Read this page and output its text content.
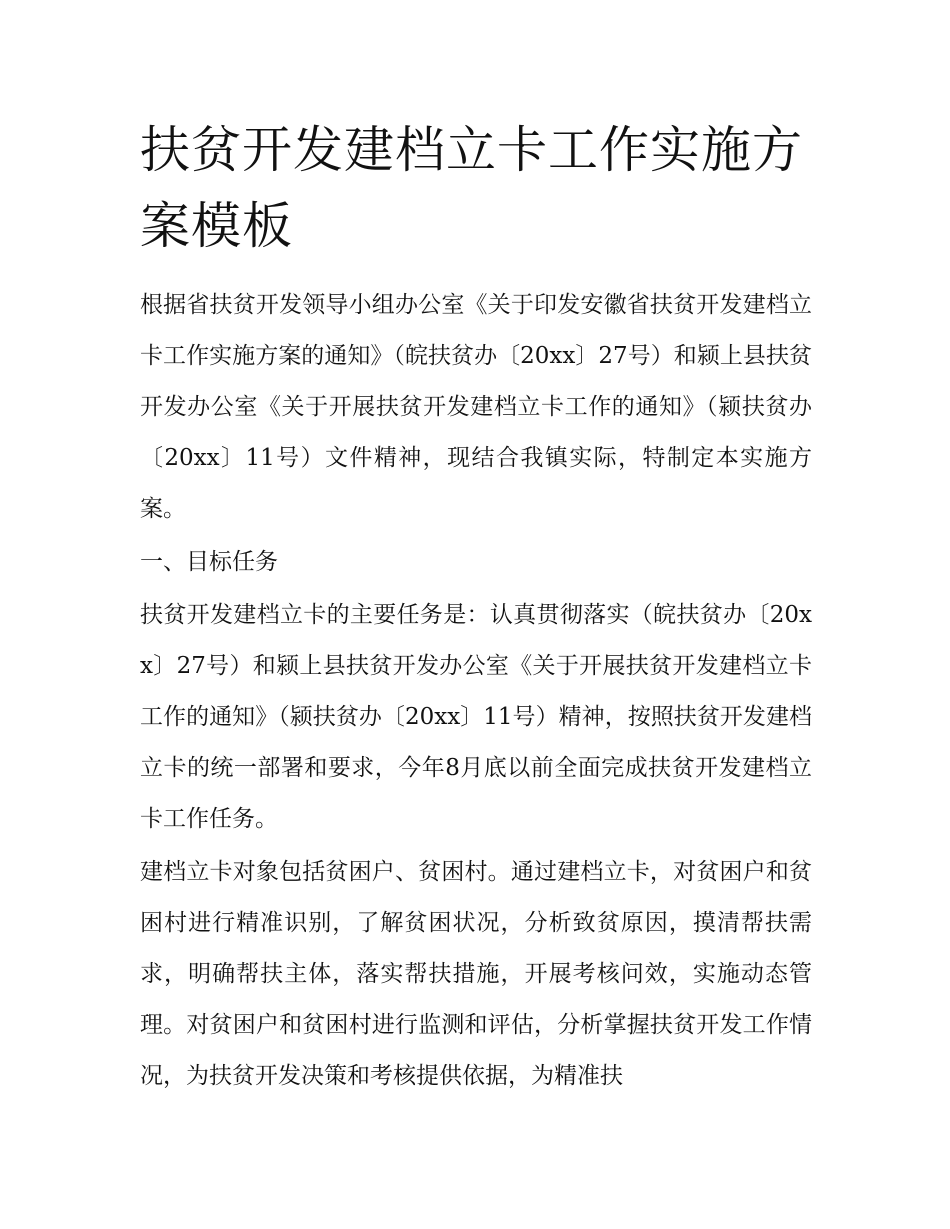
扶贫开发建档立卡工作实施方案模板

根据省扶贫开发领导小组办公室《关于印发安徽省扶贫开发建档立卡工作实施方案的通知》（皖扶贫办〔20xx〕27号）和颍上县扶贫开发办公室《关于开展扶贫开发建档立卡工作的通知》（颍扶贫办〔20xx〕11号）文件精神，现结合我镇实际，特制定本实施方案。

一、目标任务

扶贫开发建档立卡的主要任务是：认真贯彻落实（皖扶贫办〔20xx〕27号）和颍上县扶贫开发办公室《关于开展扶贫开发建档立卡工作的通知》（颍扶贫办〔20xx〕11号）精神，按照扶贫开发建档立卡的统一部署和要求，今年8月底以前全面完成扶贫开发建档立卡工作任务。

建档立卡对象包括贫困户、贫困村。通过建档立卡，对贫困户和贫困村进行精准识别，了解贫困状况，分析致贫原因，摸清帮扶需求，明确帮扶主体，落实帮扶措施，开展考核问效，实施动态管理。对贫困户和贫困村进行监测和评估，分析掌握扶贫开发工作情况，为扶贫开发决策和考核提供依据，为精准扶
